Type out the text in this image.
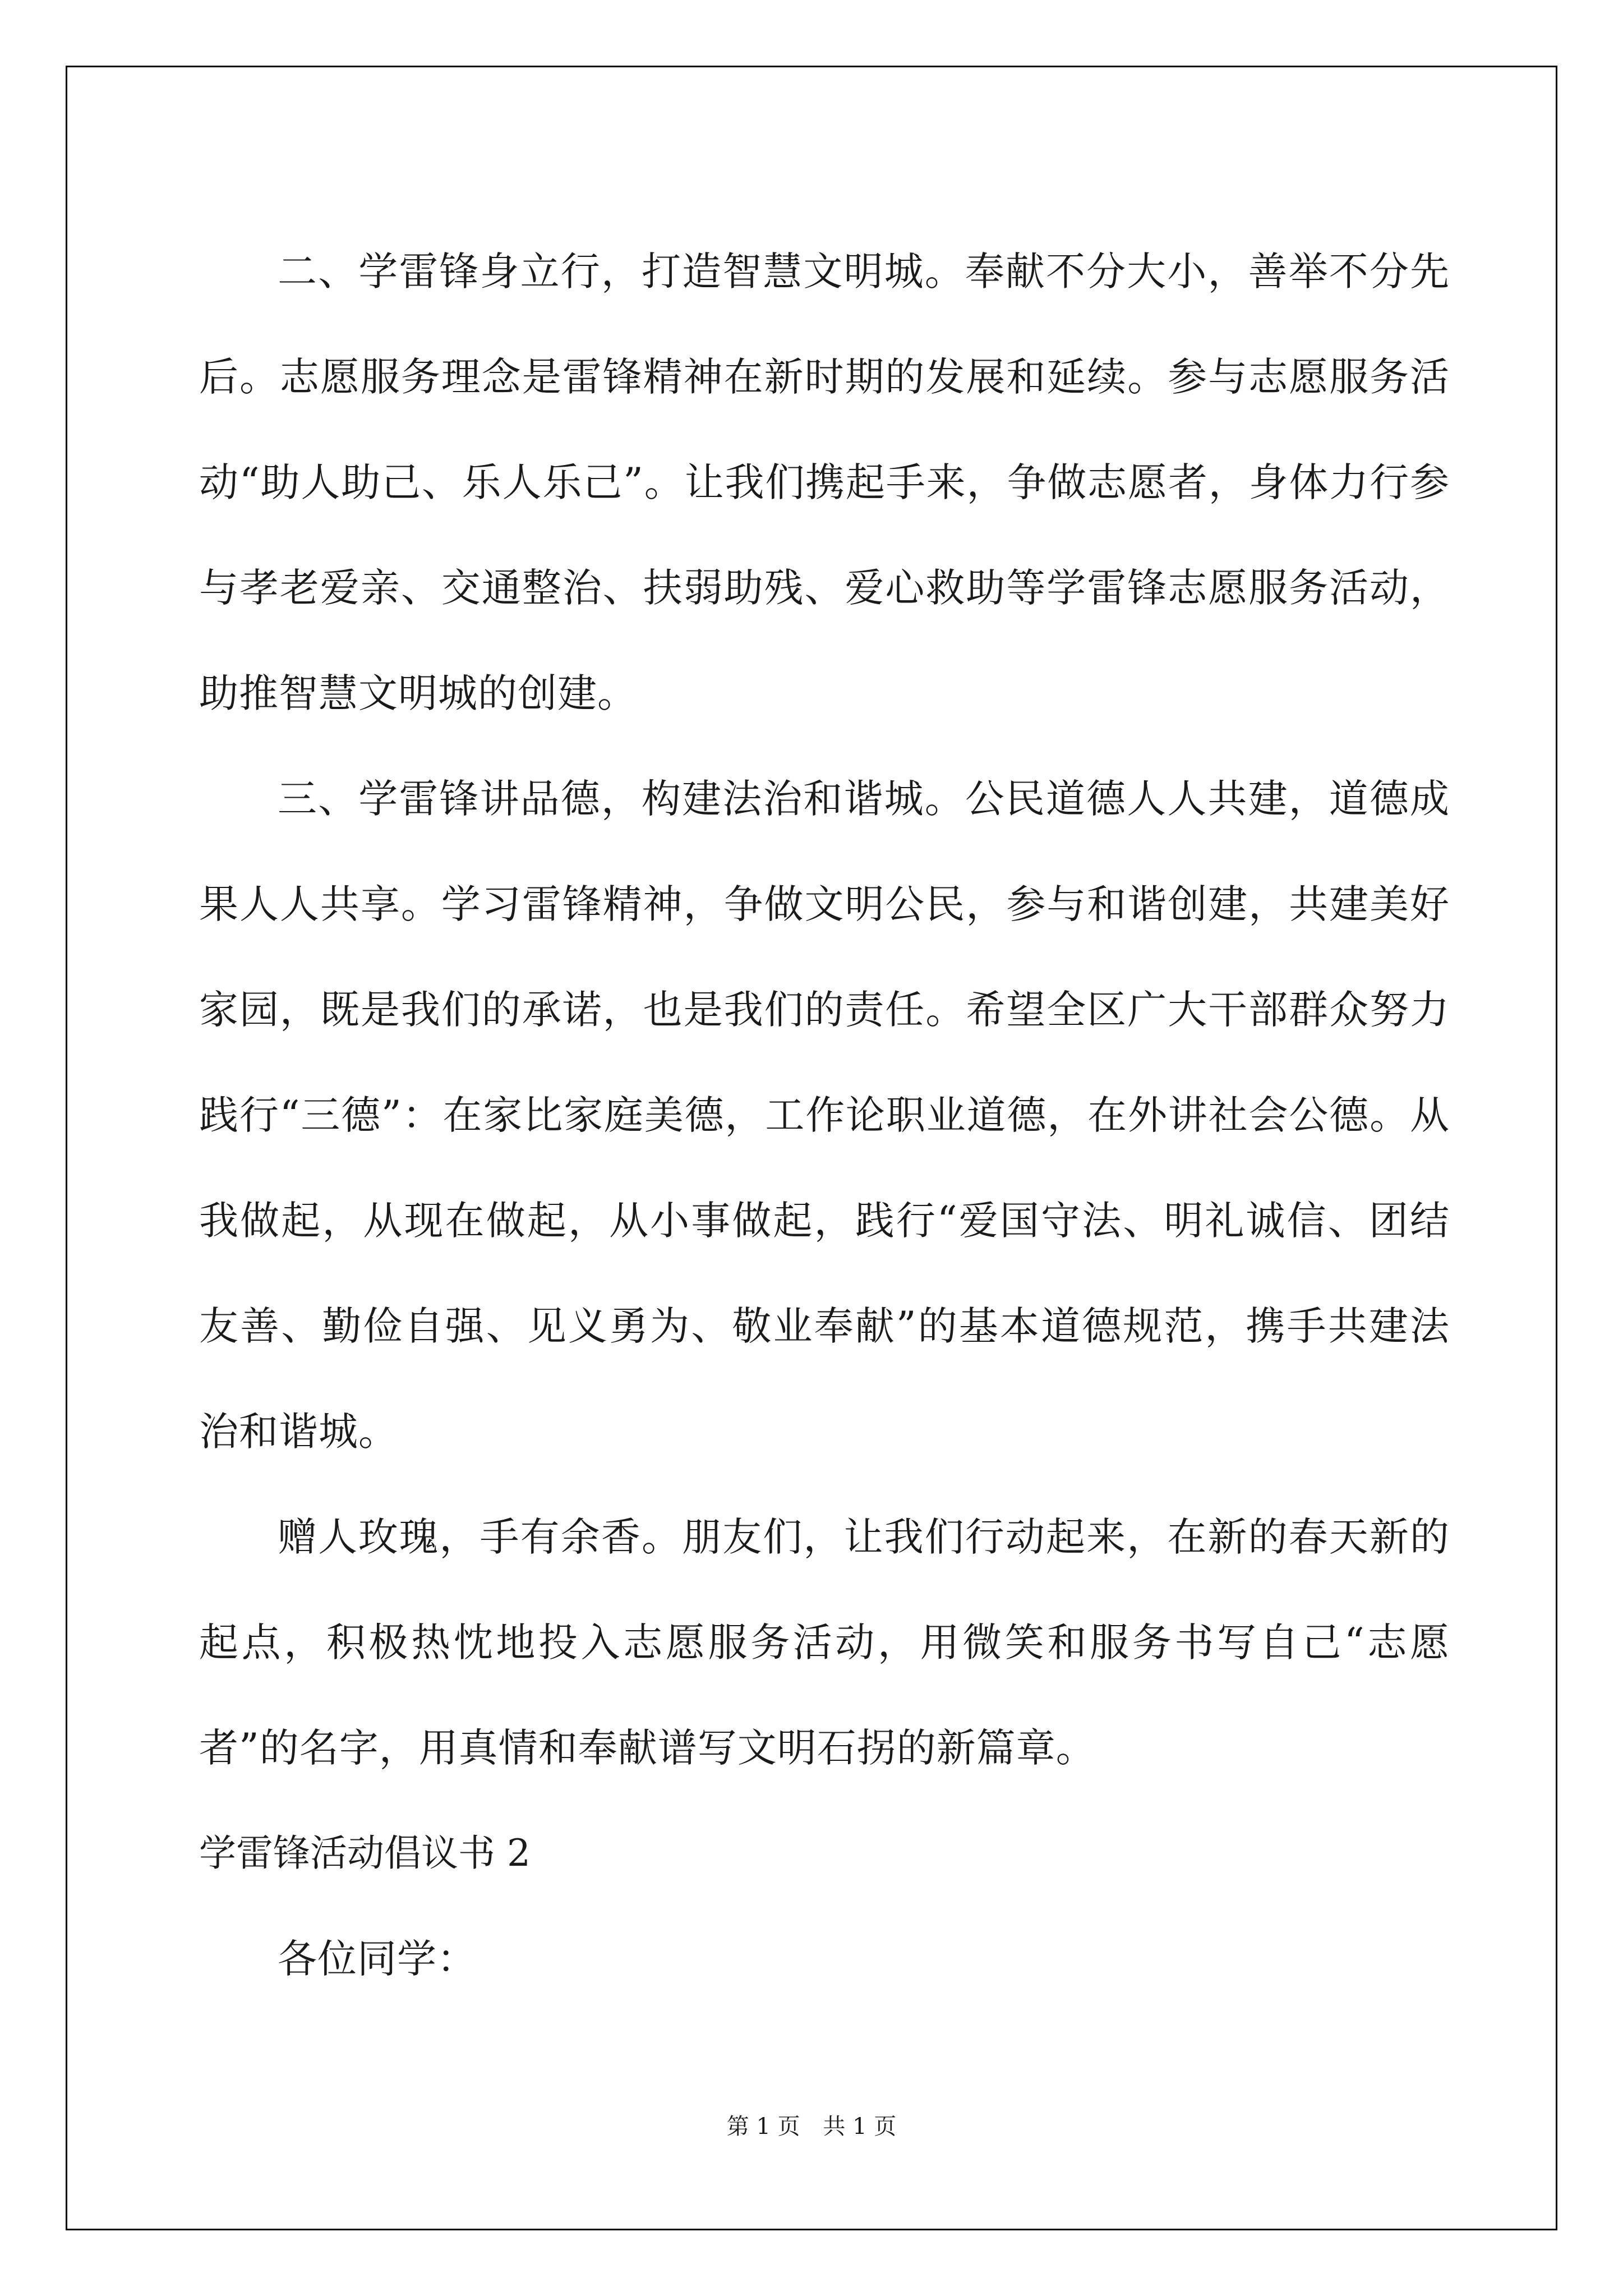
二、学雷锋身立行，打造智慧文明城。奉献不分大小，善举不分先后。志愿服务理念是雷锋精神在新时期的发展和延续。参与志愿服务活动“助人助己、乐人乐己”。让我们携起手来，争做志愿者，身体力行参与孝老爱亲、交通整治、扶弱助残、爱心救助等学雷锋志愿服务活动，助推智慧文明城的创建。

三、学雷锋讲品德，构建法治和谐城。公民道德人人共建，道德成果人人共享。学习雷锋精神，争做文明公民，参与和谐创建，共建美好家园，既是我们的承诺，也是我们的责任。希望全区广大干部群众努力践行“三德”：在家比家庭美德，工作论职业道德，在外讲社会公德。从我做起，从现在做起，从小事做起，践行“爱国守法、明礼诚信、团结友善、勤俭自强、见义勇为、敬业奉献”的基本道德规范，携手共建法治和谐城。

赠人玫瑰，手有余香。朋友们，让我们行动起来，在新的春天新的起点，积极热忱地投入志愿服务活动，用微笑和服务书写自己“志愿者”的名字，用真情和奉献谱写文明石拐的新篇章。

学雷锋活动倡议书 2

各位同学：

第 1 页 共 1 页
